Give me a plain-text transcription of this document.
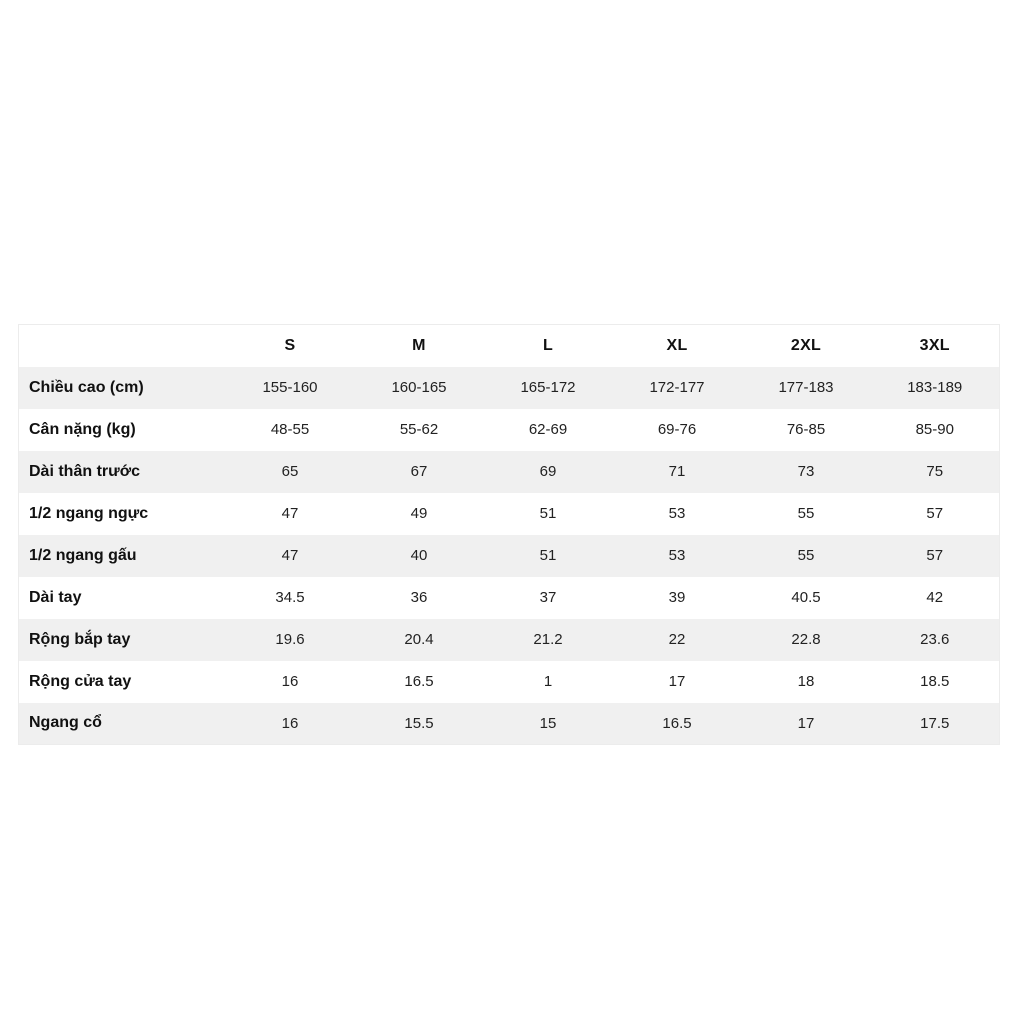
	S	M	L	XL	2XL	3XL
Chiều cao (cm)	155-160	160-165	165-172	172-177	177-183	183-189
Cân nặng (kg)	48-55	55-62	62-69	69-76	76-85	85-90
Dài thân trước	65	67	69	71	73	75
1/2 ngang ngực	47	49	51	53	55	57
1/2 ngang gấu	47	40	51	53	55	57
Dài tay	34.5	36	37	39	40.5	42
Rộng bắp tay	19.6	20.4	21.2	22	22.8	23.6
Rộng cửa tay	16	16.5	1	17	18	18.5
Ngang cổ	16	15.5	15	16.5	17	17.5
